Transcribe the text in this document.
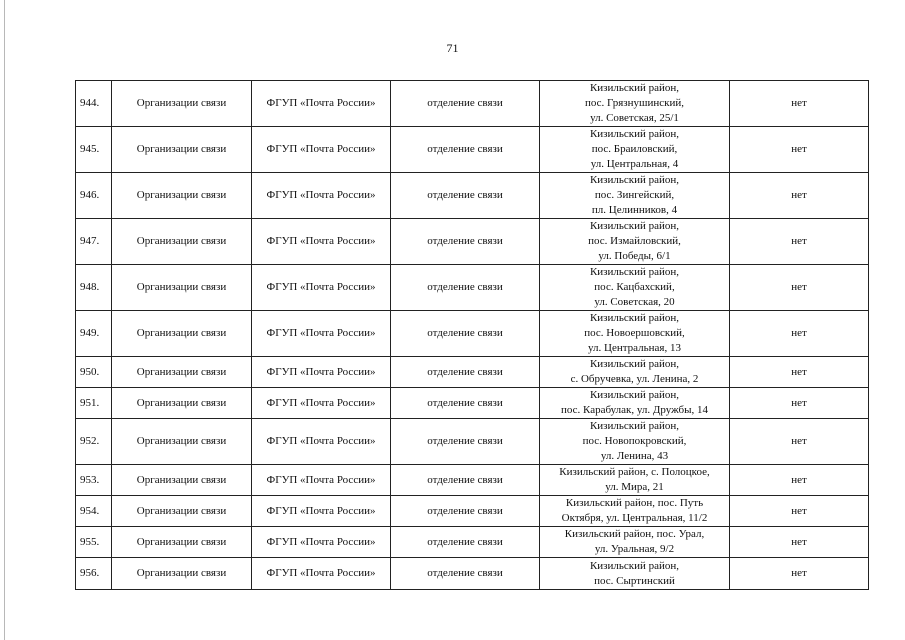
71
944.	Организации связи	ФГУП «Почта России»	отделение связи	Кизильский район,
пос. Грязнушинский,
ул. Советская, 25/1	нет
945.	Организации связи	ФГУП «Почта России»	отделение связи	Кизильский район,
пос. Браиловский,
ул. Центральная, 4	нет
946.	Организации связи	ФГУП «Почта России»	отделение связи	Кизильский район,
пос. Зингейский,
пл. Целинников, 4	нет
947.	Организации связи	ФГУП «Почта России»	отделение связи	Кизильский район,
пос. Измайловский,
ул. Победы, 6/1	нет
948.	Организации связи	ФГУП «Почта России»	отделение связи	Кизильский район,
пос. Кацбахский,
ул. Советская, 20	нет
949.	Организации связи	ФГУП «Почта России»	отделение связи	Кизильский район,
пос. Новоершовский,
ул. Центральная, 13	нет
950.	Организации связи	ФГУП «Почта России»	отделение связи	Кизильский район,
с. Обручевка, ул. Ленина, 2	нет
951.	Организации связи	ФГУП «Почта России»	отделение связи	Кизильский район,
пос. Карабулак, ул. Дружбы, 14	нет
952.	Организации связи	ФГУП «Почта России»	отделение связи	Кизильский район,
пос. Новопокровский,
ул. Ленина, 43	нет
953.	Организации связи	ФГУП «Почта России»	отделение связи	Кизильский район, с. Полоцкое,
ул. Мира, 21	нет
954.	Организации связи	ФГУП «Почта России»	отделение связи	Кизильский район, пос. Путь
Октября, ул. Центральная, 11/2	нет
955.	Организации связи	ФГУП «Почта России»	отделение связи	Кизильский район, пос. Урал,
ул. Уральная, 9/2	нет
956.	Организации связи	ФГУП «Почта России»	отделение связи	Кизильский район,
пос. Сыртинский	нет
